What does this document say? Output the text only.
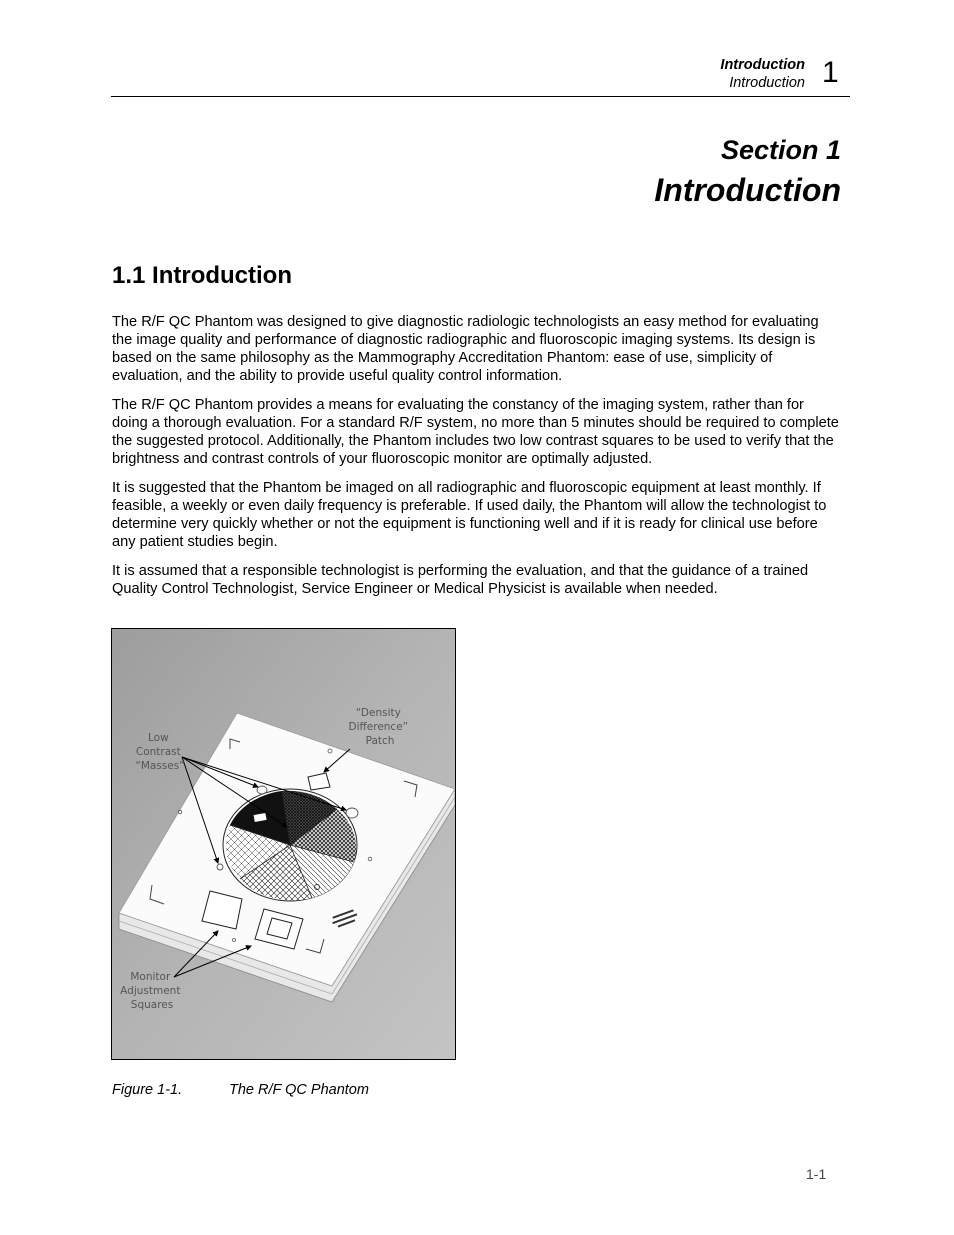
Introduction
Introduction 1
Section 1
Introduction
1.1 Introduction

The R/F QC Phantom was designed to give diagnostic radiologic technologists an easy method for evaluating the image quality and performance of diagnostic radiographic and fluoroscopic imaging systems. Its design is based on the same philosophy as the Mammography Accreditation Phantom: ease of use, simplicity of evaluation, and the ability to provide useful quality control information.

The R/F QC Phantom provides a means for evaluating the constancy of the imaging system, rather than for doing a thorough evaluation. For a standard R/F system, no more than 5 minutes should be required to complete the suggested protocol. Additionally, the Phantom includes two low contrast squares to be used to verify that the brightness and contrast controls of your fluoroscopic monitor are optimally adjusted.

It is suggested that the Phantom be imaged on all radiographic and fluoroscopic equipment at least monthly. If feasible, a weekly or even daily frequency is preferable. If used daily, the Phantom will allow the technologist to determine very quickly whether or not the equipment is functioning well and if it is ready for clinical use before any patient studies begin.

It is assumed that a responsible technologist is performing the evaluation, and that the guidance of a trained Quality Control Technologist, Service Engineer or Medical Physicist is available when needed.

Low Contrast “Masses”
“Density Difference” Patch
Monitor Adjustment Squares
Figure 1-1.	The R/F QC Phantom
1-1
